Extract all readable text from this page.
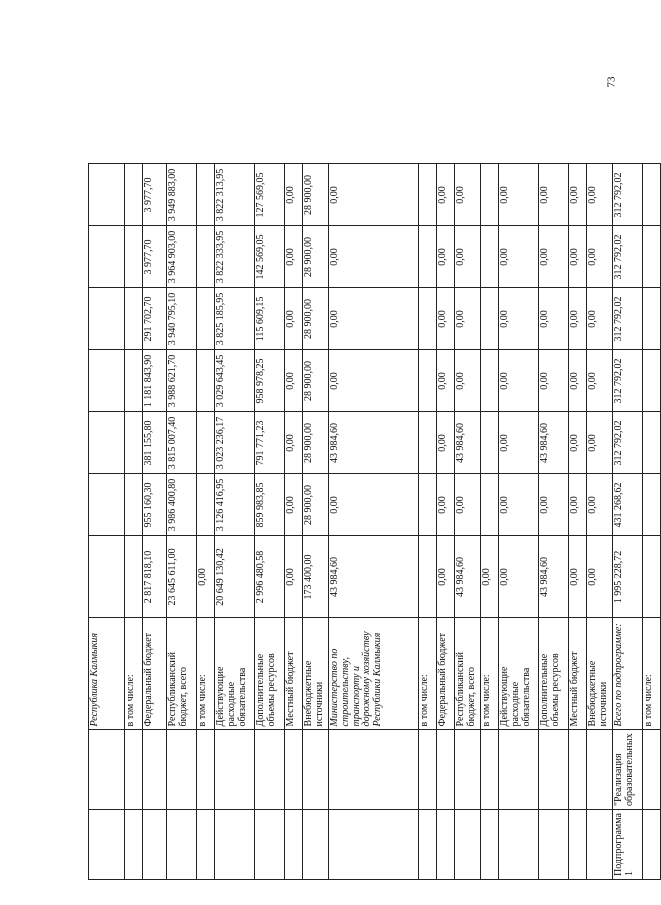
73
		Республика Калмыкия							
		в том числе:							
		Федеральный бюджет	2 817 818,10	955 160,30	381 155,80	1 181 843,90	291 702,70	3 977,70	3 977,70
		Республиканский бюджет, всего	23 645 611,00	3 986 400,80	3 815 007,40	3 988 621,70	3 940 795,10	3 964 903,00	3 949 883,00
		в том числе:	0,00						
		Действующие расходные обязательства	20 649 130,42	3 126 416,95	3 023 236,17	3 029 643,45	3 825 185,95	3 822 333,95	3 822 313,95
		Дополнительные объемы ресурсов	2 996 480,58	859 983,85	791 771,23	958 978,25	115 609,15	142 569,05	127 569,05
		Местный бюджет	0,00	0,00	0,00	0,00	0,00	0,00	0,00
		Внебюджетные источники	173 400,00	28 900,00	28 900,00	28 900,00	28 900,00	28 900,00	28 900,00
		Министерство по строительству, транспорту и дорожному хозяйству Республики Калмыкия	43 984,60	0,00	43 984,60	0,00	0,00	0,00	0,00
		в том числе:							
		Федеральный бюджет	0,00	0,00	0,00	0,00	0,00	0,00	0,00
		Республиканский бюджет, всего	43 984,60	0,00	43 984,60	0,00	0,00	0,00	0,00
		в том числе:	0,00						
		Действующие расходные обязательства	0,00	0,00	0,00	0,00	0,00	0,00	0,00
		Дополнительные объемы ресурсов	43 984,60	0,00	43 984,60	0,00	0,00	0,00	0,00
		Местный бюджет	0,00	0,00	0,00	0,00	0,00	0,00	0,00
		Внебюджетные источники	0,00	0,00	0,00	0,00	0,00	0,00	0,00
Подпрограмма 1	"Реализация образовательных	Всего по подпрограмме:	1 995 228,72	431 268,62	312 792,02	312 792,02	312 792,02	312 792,02	312 792,02
		в том числе:							
